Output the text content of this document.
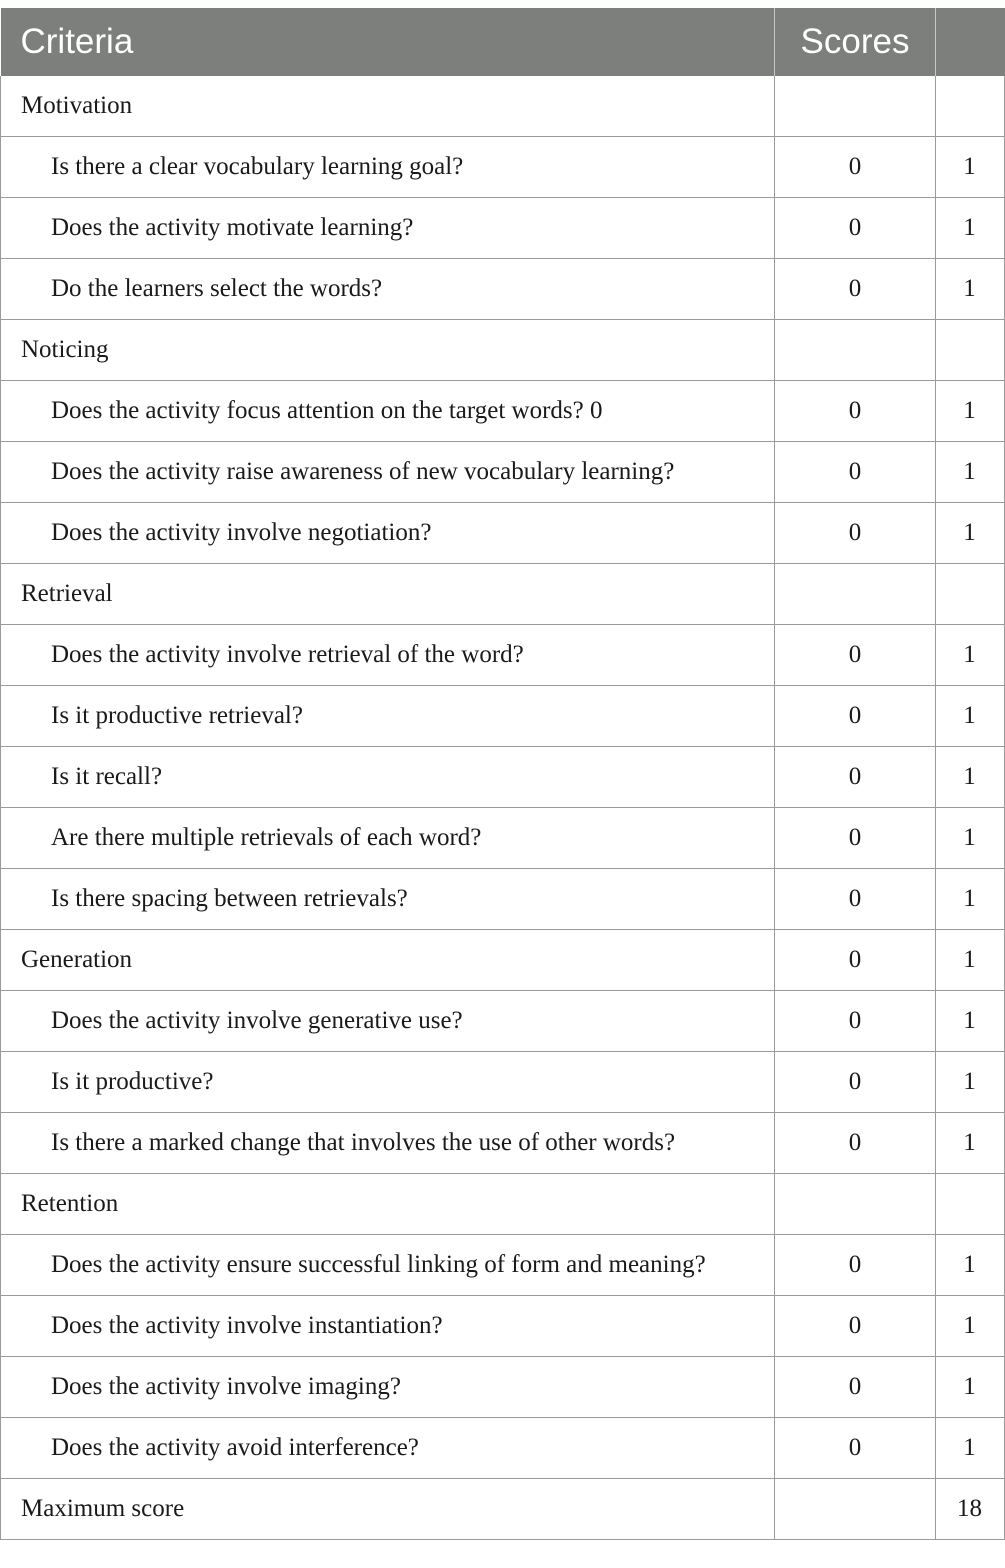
Criteria	Scores	
Motivation		
Is there a clear vocabulary learning goal?	0	1
Does the activity motivate learning?	0	1
Do the learners select the words?	0	1
Noticing		
Does the activity focus attention on the target words? 0	0	1
Does the activity raise awareness of new vocabulary learning?	0	1
Does the activity involve negotiation?	0	1
Retrieval		
Does the activity involve retrieval of the word?	0	1
Is it productive retrieval?	0	1
Is it recall?	0	1
Are there multiple retrievals of each word?	0	1
Is there spacing between retrievals?	0	1
Generation	0	1
Does the activity involve generative use?	0	1
Is it productive?	0	1
Is there a marked change that involves the use of other words?	0	1
Retention		
Does the activity ensure successful linking of form and meaning?	0	1
Does the activity involve instantiation?	0	1
Does the activity involve imaging?	0	1
Does the activity avoid interference?	0	1
Maximum score		18
